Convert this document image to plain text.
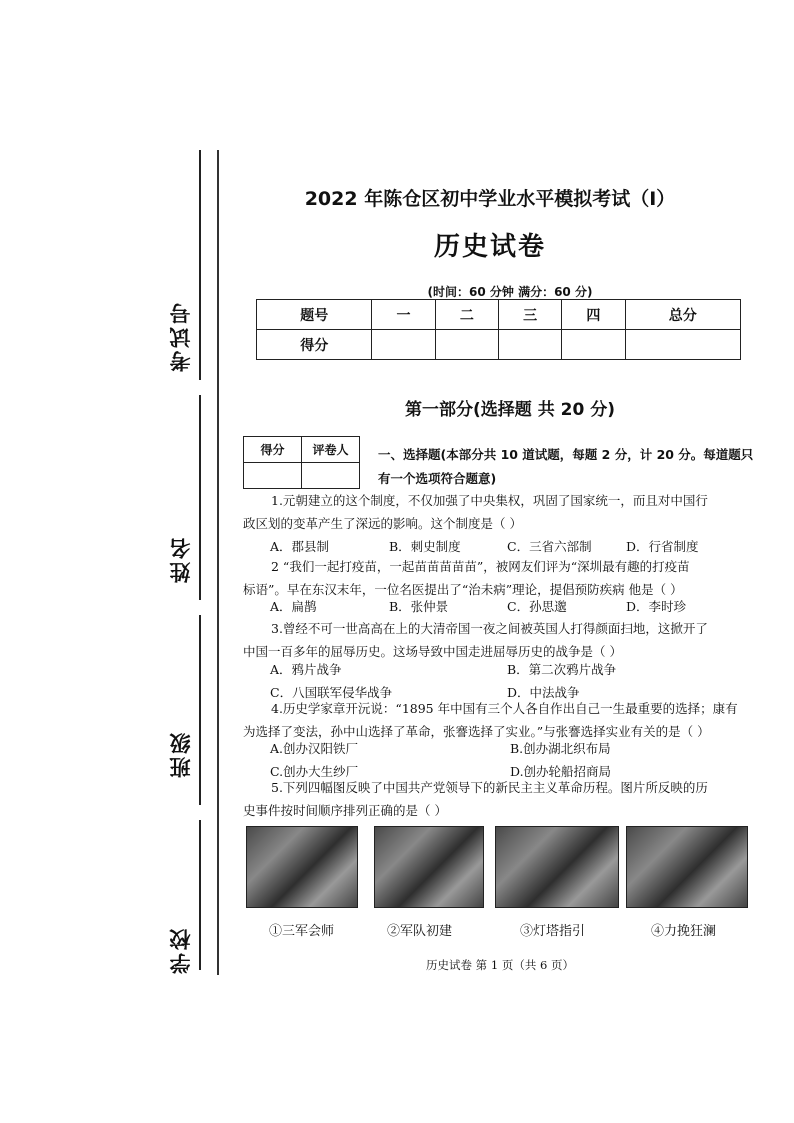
考试号
姓名
班级
学校
2022 年陈仓区初中学业水平模拟考试（I）
历史试卷
(时间：60 分钟 满分：60 分)
题号	一	二	三	四	总分
得分					
第一部分(选择题 共 20 分)
得分	评卷人
	一、选择题(本部分共 10 道试题，每题 2 分，计 20 分。每道题只
有一个选项符合题意)
1.元朝建立的这个制度，不仅加强了中央集权，巩固了国家统一，而且对中国行
政区划的变革产生了深远的影响。这个制度是（ ）
A．郡县制	B．刺史制度	C．三省六部制	D．行省制度
2 “我们一起打疫苗，一起苗苗苗苗苗”，被网友们评为“深圳最有趣的打疫苗
标语”。早在东汉末年，一位名医提出了“治未病”理论，提倡预防疾病 他是（ ）
A．扁鹊	B．张仲景	C．孙思邈	D．李时珍
3.曾经不可一世高高在上的大清帝国一夜之间被英国人打得颜面扫地，这掀开了
中国一百多年的屈辱历史。这场导致中国走进屈辱历史的战争是（ ）
A．鸦片战争	B．第二次鸦片战争
C．八国联军侵华战争	D．中法战争
4.历史学家章开沅说：“1895 年中国有三个人各自作出自己一生最重要的选择；康有
为选择了变法，孙中山选择了革命，张謇选择了实业。”与张謇选择实业有关的是（ ）
A.创办汉阳铁厂	B.创办湖北织布局
C.创办大生纱厂	D.创办轮船招商局
5.下列四幅图反映了中国共产党领导下的新民主主义革命历程。图片所反映的历
史事件按时间顺序排列正确的是（ ）
①三军会师	②军队初建	③灯塔指引	④力挽狂澜
历史试卷 第 1 页（共 6 页）
